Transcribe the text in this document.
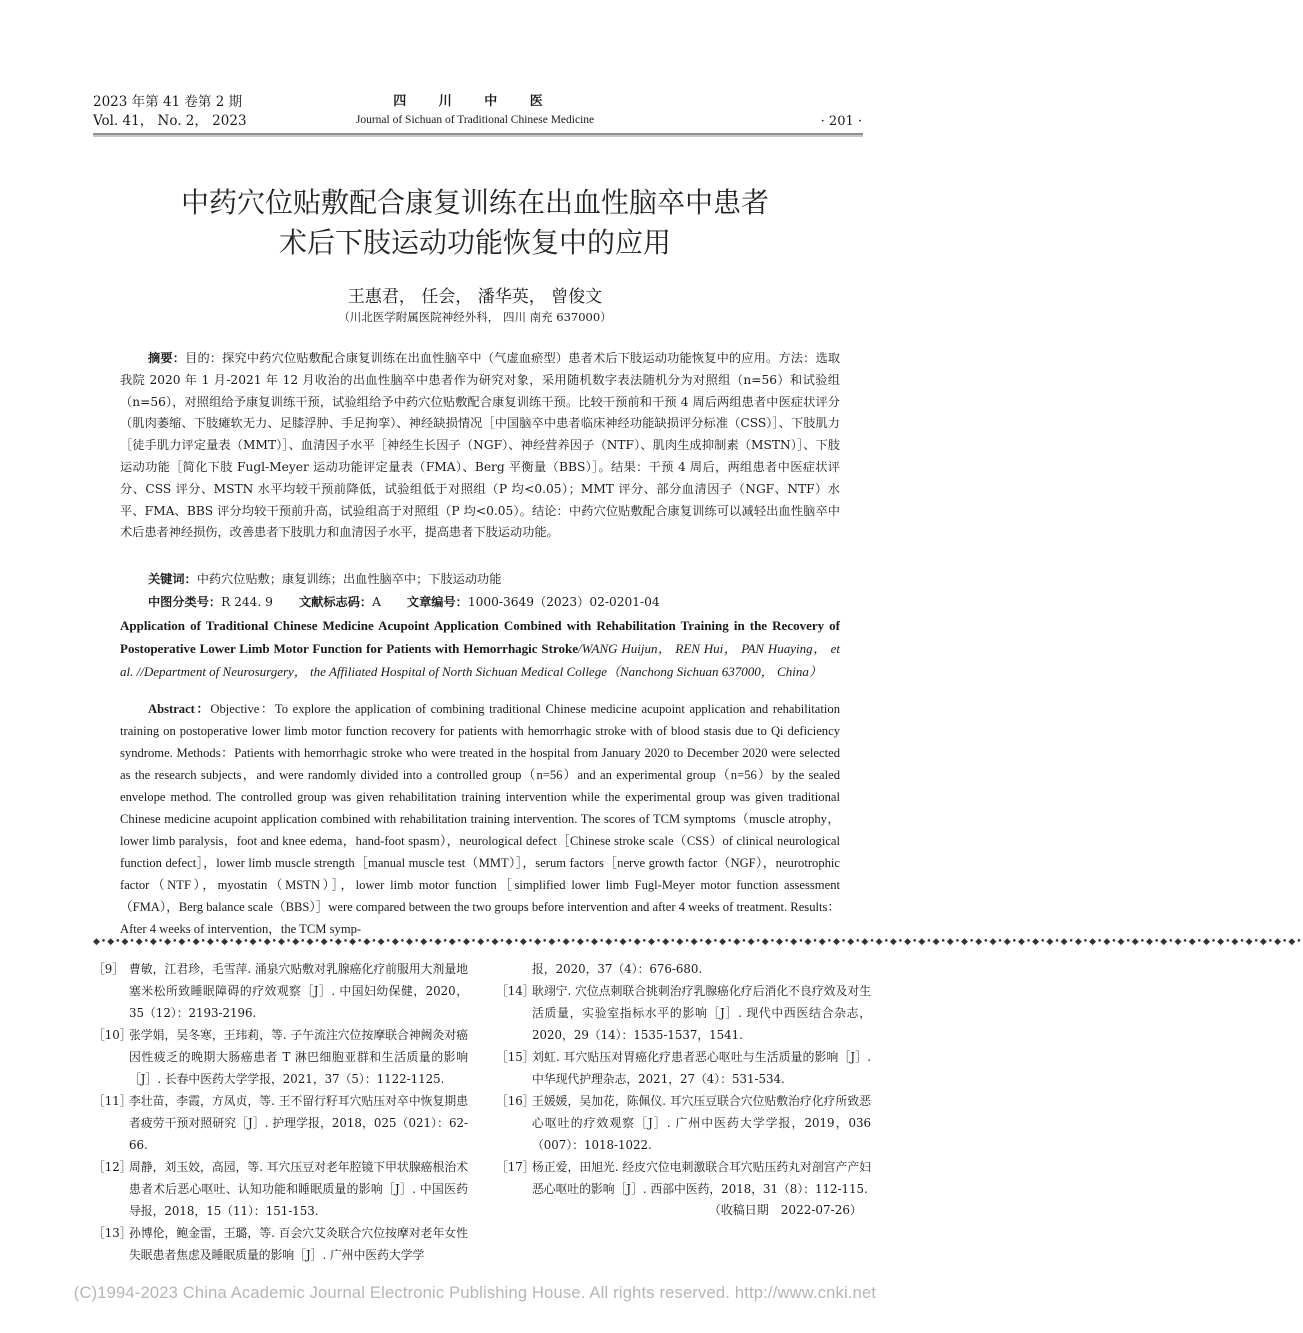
2023 年第 41 卷第 2 期
Vol. 41， No. 2， 2023
四 川 中 医
Journal of Sichuan of Traditional Chinese Medicine	· 201 ·
中药穴位贴敷配合康复训练在出血性脑卒中患者
术后下肢运动功能恢复中的应用
王惠君， 任会， 潘华英， 曾俊文
（川北医学附属医院神经外科， 四川 南充 637000）
摘要：目的：探究中药穴位贴敷配合康复训练在出血性脑卒中（气虚血瘀型）患者术后下肢运动功能恢复中的应用。方法：选取我院 2020 年 1 月-2021 年 12 月收治的出血性脑卒中患者作为研究对象，采用随机数字表法随机分为对照组（n=56）和试验组（n=56），对照组给予康复训练干预，试验组给予中药穴位贴敷配合康复训练干预。比较干预前和干预 4 周后两组患者中医症状评分（肌肉萎缩、下肢瘫软无力、足膝浮肿、手足拘挛）、神经缺损情况［中国脑卒中患者临床神经功能缺损评分标准（CSS）］、下肢肌力［徒手肌力评定量表（MMT）］、血清因子水平［神经生长因子（NGF）、神经营养因子（NTF）、肌肉生成抑制素（MSTN）］、下肢运动功能［简化下肢 Fugl-Meyer 运动功能评定量表（FMA）、Berg 平衡量（BBS）］。结果：干预 4 周后，两组患者中医症状评分、CSS 评分、MSTN 水平均较干预前降低，试验组低于对照组（P 均<0.05）；MMT 评分、部分血清因子（NGF、NTF）水平、FMA、BBS 评分均较干预前升高，试验组高于对照组（P 均<0.05）。结论：中药穴位贴敷配合康复训练可以减轻出血性脑卒中术后患者神经损伤，改善患者下肢肌力和血清因子水平，提高患者下肢运动功能。
关键词：中药穴位贴敷；康复训练；出血性脑卒中；下肢运动功能
中图分类号：R 244. 9 文献标志码：A 文章编号：1000-3649（2023）02-0201-04
Application of Traditional Chinese Medicine Acupoint Application Combined with Rehabilitation Training in the Recovery of Postoperative Lower Limb Motor Function for Patients with Hemorrhagic Stroke/WANG Huijun， REN Hui， PAN Huaying， et al. //Department of Neurosurgery， the Affiliated Hospital of North Sichuan Medical College（Nanchong Sichuan 637000， China）
Abstract：Objective：To explore the application of combining traditional Chinese medicine acupoint application and rehabilitation training on postoperative lower limb motor function recovery for patients with hemorrhagic stroke with of blood stasis due to Qi deficiency syndrome. Methods：Patients with hemorrhagic stroke who were treated in the hospital from January 2020 to December 2020 were selected as the research subjects，and were randomly divided into a controlled group（n=56）and an experimental group（n=56）by the sealed envelope method. The controlled group was given rehabilitation training intervention while the experimental group was given traditional Chinese medicine acupoint application combined with rehabilitation training intervention. The scores of TCM symptoms（muscle atrophy，lower limb paralysis，foot and knee edema，hand-foot spasm），neurological defect［Chinese stroke scale（CSS）of clinical neurological function defect］，lower limb muscle strength［manual muscle test（MMT）］，serum factors［nerve growth factor（NGF），neurotrophic factor（NTF），myostatin（MSTN）］，lower limb motor function［simplified lower limb Fugl-Meyer motor function assessment（FMA），Berg balance scale（BBS）］were compared between the two groups before intervention and after 4 weeks of treatment. Results：After 4 weeks of intervention，the TCM symp-
◆•◆•◆•◆•◆•◆•◆•◆•◆•◆•◆•◆•◆•◆•◆•◆•◆•◆•◆•◆•◆•◆•◆•◆•◆•◆•◆•◆•◆•◆•◆•◆•◆•◆•◆•◆•◆•◆•◆•◆•◆•◆•◆•◆•◆•◆•◆•◆•◆•◆•◆•◆•◆•◆•◆•◆•◆•◆•◆•◆•◆•◆•◆•◆•◆•◆•◆•◆•◆•◆•◆•◆•◆•◆•◆•◆•◆•◆•◆•◆•◆•◆•◆•◆•◆•
［9］ 曹敏，江君珍，毛雪萍. 涌泉穴贴敷对乳腺癌化疗前服用大剂量地塞米松所致睡眠障碍的疗效观察［J］. 中国妇幼保健，2020，35（12）：2193-2196.
［10］
张学娟，吴冬寒，王玮莉，等. 子午流注穴位按摩联合神阙灸对癌因性疲乏的晚期大肠癌患者 T 淋巴细胞亚群和生活质量的影响［J］. 长春中医药大学学报，2021，37（5）：1122-1125.
［11］
李壮苗，李霞，方凤贞，等. 王不留行籽耳穴贴压对卒中恢复期患者疲劳干预对照研究［J］. 护理学报，2018，025（021）：62-66.
［12］
周静，刘玉姣，高园，等. 耳穴压豆对老年腔镜下甲状腺癌根治术患者术后恶心呕吐、认知功能和睡眠质量的影响［J］. 中国医药导报，2018，15（11）：151-153.
［13］
孙博伦，鲍金雷，王璐，等. 百会穴艾灸联合穴位按摩对老年女性失眠患者焦虑及睡眠质量的影响［J］. 广州中医药大学学
报，2020，37（4）：676-680.
［14］
耿翊宁. 穴位点刺联合挑刺治疗乳腺癌化疗后消化不良疗效及对生活质量，实验室指标水平的影响［J］. 现代中西医结合杂志，2020，29（14）：1535-1537，1541.
［15］
刘虹. 耳穴贴压对胃癌化疗患者恶心呕吐与生活质量的影响［J］. 中华现代护理杂志，2021，27（4）：531-534.
［16］
王媛媛，吴加花，陈佩仪. 耳穴压豆联合穴位贴敷治疗化疗所致恶心呕吐的疗效观察［J］. 广州中医药大学学报，2019，036（007）：1018-1022.
［17］
杨正爱，田旭光. 经皮穴位电刺激联合耳穴贴压药丸对剖宫产产妇恶心呕吐的影响［J］. 西部中医药，2018，31（8）：112-115.
（收稿日期　2022-07-26）
(C)1994-2023 China Academic Journal Electronic Publishing House. All rights reserved. http://www.cnki.net
